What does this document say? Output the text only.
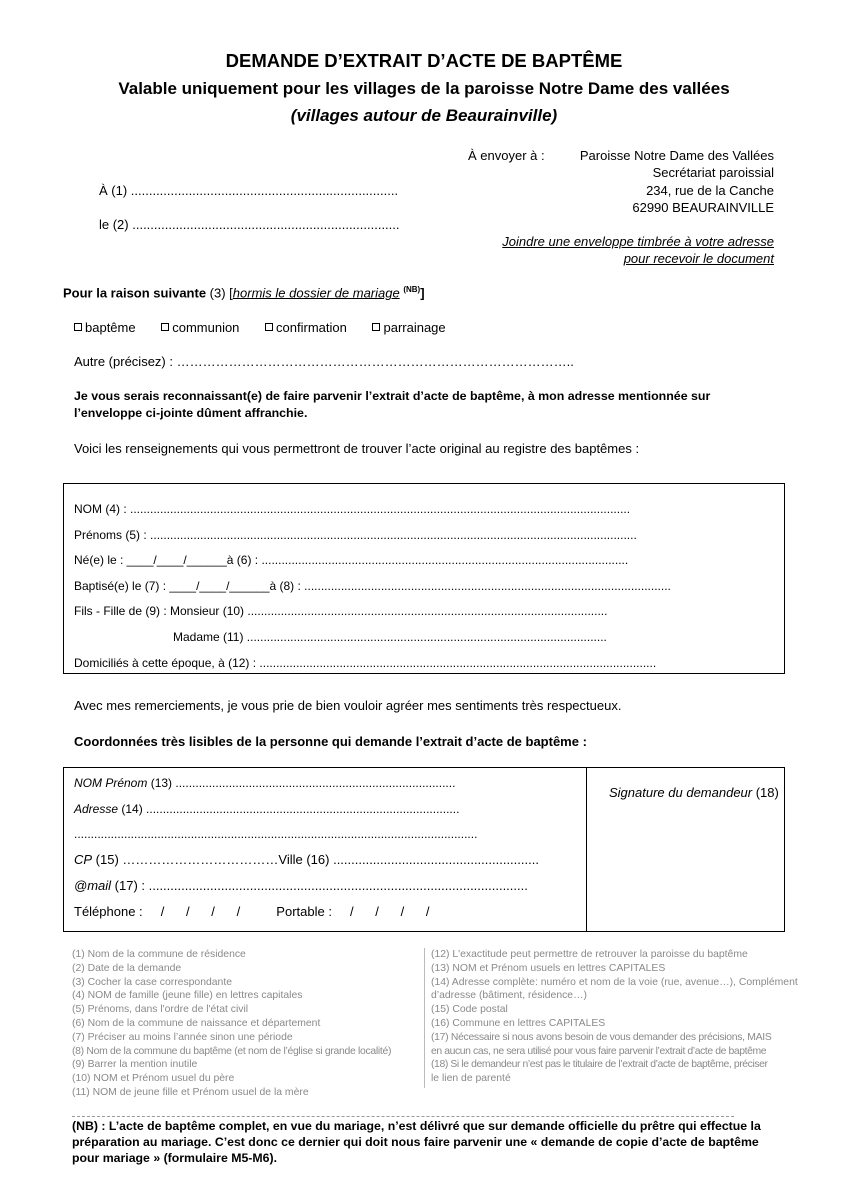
DEMANDE D’EXTRAIT D’ACTE DE BAPTÊME
Valable uniquement pour les villages de la paroisse Notre Dame des vallées
(villages autour de Beaurainville)
À envoyer à :	Paroisse Notre Dame des Vallées
Secrétariat paroissial
234, rue de la Canche
62990 BEAURAINVILLE
Joindre une enveloppe timbrée à votre adresse
pour recevoir le document
À (1) ..........................................................................
le (2) ..........................................................................
Pour la raison suivante (3) [hormis le dossier de mariage $^{(NB)}$]
baptême	communion	confirmation	parrainage
Autre (précisez) : ………………………………………………………………………………..
Je vous serais reconnaissant(e) de faire parvenir l’extrait d’acte de baptême, à mon adresse mentionnée sur l’enveloppe ci-jointe dûment affranchie.
Voici les renseignements qui vous permettront de trouver l’acte original au registre des baptêmes :
NOM (4) : ......................................................................................................................................................
Prénoms (5) : ..................................................................................................................................................
Né(e) le : ____/____/______à (6) : ..............................................................................................................
Baptisé(e) le (7) : ____/____/______à (8) : ..............................................................................................................
Fils - Fille de (9) : Monsieur (10) ............................................................................................................
Madame (11) ............................................................................................................
Domiciliés à cette époque, à (12) : .......................................................................................................................
Avec mes remerciements, je vous prie de bien vouloir agréer mes sentiments très respectueux.
Coordonnées très lisibles de la personne qui demande l’extrait d’acte de baptême :
NOM Prénom (13) ....................................................................................
Adresse (14) ..............................................................................................
.........................................................................................................................
CP (15) ………………………………Ville (16) .........................................................
@mail (17) : .........................................................................................................
Téléphone :     /      /      /      /          Portable :     /      /      /      /
Signature du demandeur (18)
(1) Nom de la commune de résidence
(2) Date de la demande
(3) Cocher la case correspondante
(4) NOM de famille (jeune fille) en lettres capitales
(5) Prénoms, dans l'ordre de l'état civil
(6) Nom de la commune de naissance et département
(7) Préciser au moins l’année sinon une période
(8) Nom de la commune du baptême (et nom de l’église si grande localité)
(9) Barrer la mention inutile
(10) NOM et Prénom usuel du père
(11) NOM de jeune fille et Prénom usuel de la mère
(12) L'exactitude peut permettre de retrouver la paroisse du baptême
(13) NOM et Prénom usuels en lettres CAPITALES
(14) Adresse complète: numéro et nom de la voie (rue, avenue…), Complément
d’adresse (bâtiment, résidence…)
(15) Code postal
(16) Commune en lettres CAPITALES
(17) Nécessaire si nous avons besoin de vous demander des précisions, MAIS
en aucun cas, ne sera utilisé pour vous faire parvenir l’extrait d’acte de baptême
(18) Si le demandeur n’est pas le titulaire de l’extrait d’acte de baptême, préciser
le lien de parenté
(NB) : L’acte de baptême complet, en vue du mariage, n’est délivré que sur demande officielle du prêtre qui effectue la préparation au mariage. C’est donc ce dernier qui doit nous faire parvenir une « demande de copie d’acte de baptême pour mariage » (formulaire M5-M6).
